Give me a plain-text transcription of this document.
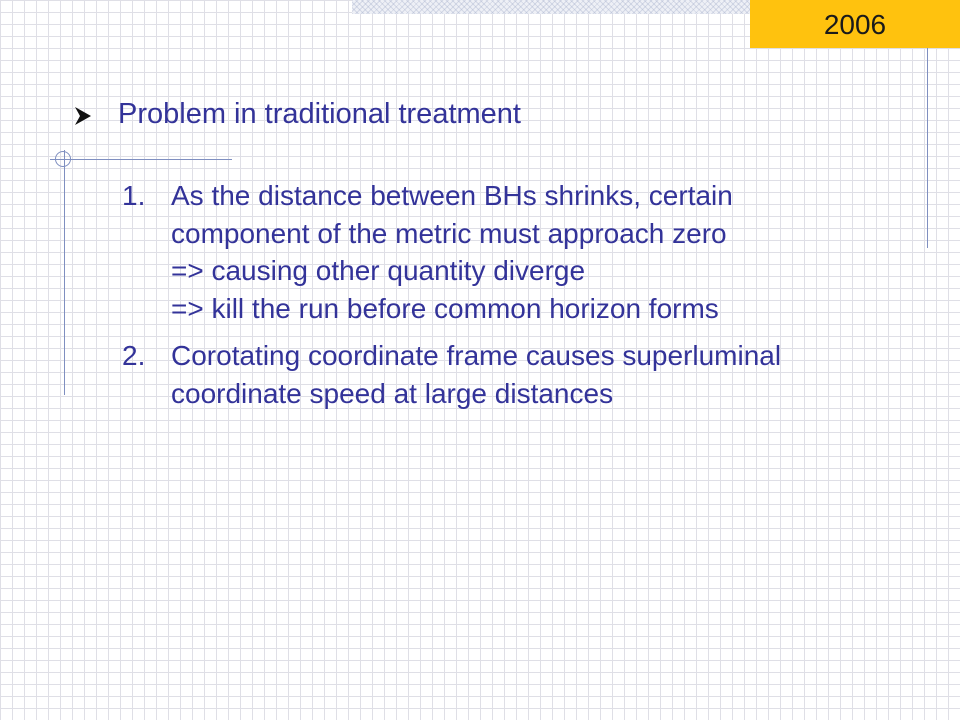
2006
Problem in traditional treatment
1. As the distance between BHs shrinks, certain
component of the metric must approach zero
=> causing other quantity diverge
=> kill the run before common horizon forms
2. Corotating coordinate frame causes superluminal
coordinate speed at large distances
